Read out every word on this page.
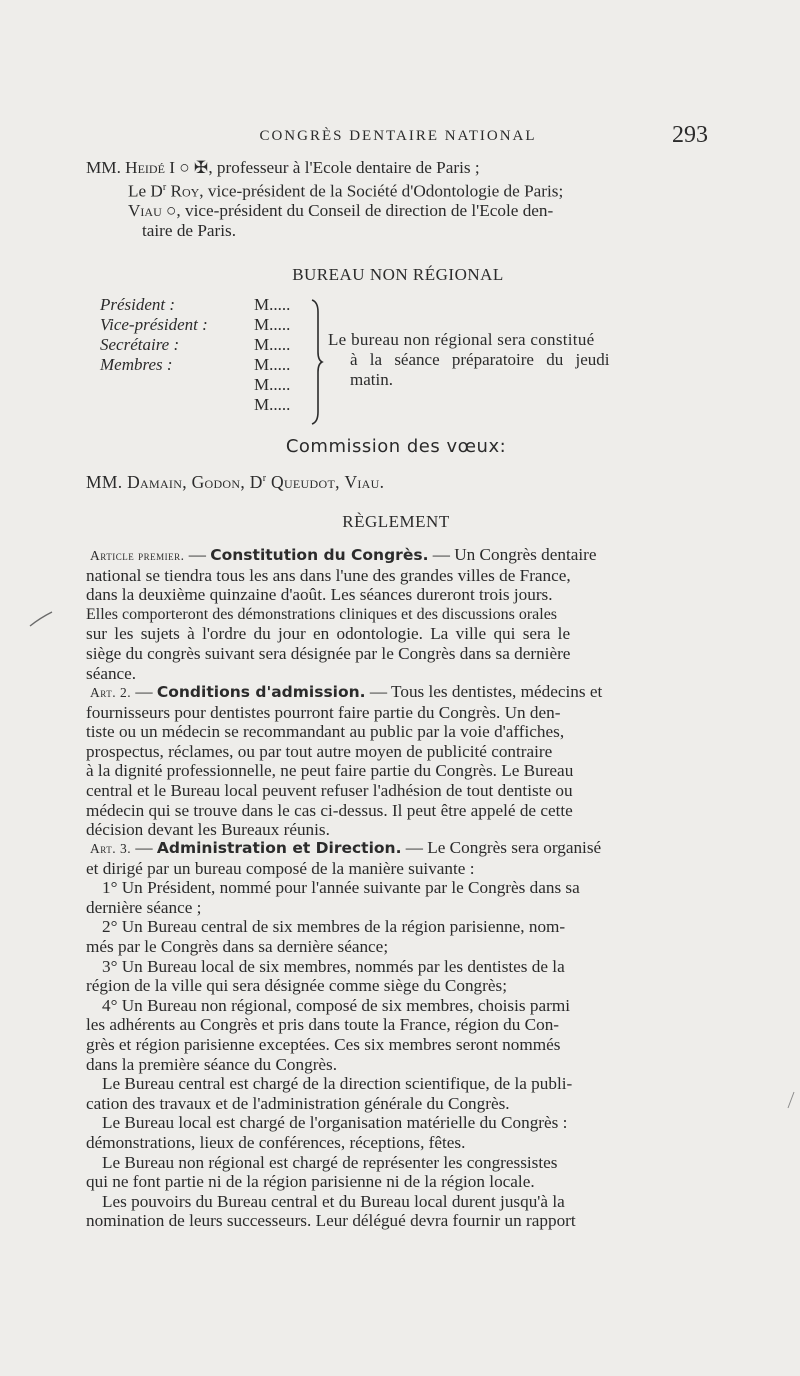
CONGRÈS DENTAIRE NATIONAL	293
MM. Heidé I ○ ✠, professeur à l'Ecole dentaire de Paris ;
Le $D^r$ Roy, vice-président de la Société d'Odontologie de Paris;
Viau ○, vice-président du Conseil de direction de l'Ecole den-
taire de Paris.
BUREAU NON RÉGIONAL
Président :
Vice-président :
Secrétaire :
Membres :
M.....
M.....
M.....
M.....
M.....
M.....
Le bureau non régional sera constitué
à la séance préparatoire du jeudi
matin.
Commission des vœux:
MM. Damain, Godon, $D^r$ Queudot, Viau.
RÈGLEMENT
Article premier. — Constitution du Congrès. — Un Congrès dentaire
national se tiendra tous les ans dans l'une des grandes villes de France,
dans la deuxième quinzaine d'août. Les séances dureront trois jours.
Elles comporteront des démonstrations cliniques et des discussions orales
sur les sujets à l'ordre du jour en odontologie. La ville qui sera le
siège du congrès suivant sera désignée par le Congrès dans sa dernière
séance.
Art. 2. — Conditions d'admission. — Tous les dentistes, médecins et
fournisseurs pour dentistes pourront faire partie du Congrès. Un den-
tiste ou un médecin se recommandant au public par la voie d'affiches,
prospectus, réclames, ou par tout autre moyen de publicité contraire
à la dignité professionnelle, ne peut faire partie du Congrès. Le Bureau
central et le Bureau local peuvent refuser l'adhésion de tout dentiste ou
médecin qui se trouve dans le cas ci-dessus. Il peut être appelé de cette
décision devant les Bureaux réunis.
Art. 3. — Administration et Direction. — Le Congrès sera organisé
et dirigé par un bureau composé de la manière suivante :
1° Un Président, nommé pour l'année suivante par le Congrès dans sa
dernière séance ;
2° Un Bureau central de six membres de la région parisienne, nom-
més par le Congrès dans sa dernière séance;
3° Un Bureau local de six membres, nommés par les dentistes de la
région de la ville qui sera désignée comme siège du Congrès;
4° Un Bureau non régional, composé de six membres, choisis parmi
les adhérents au Congrès et pris dans toute la France, région du Con-
grès et région parisienne exceptées. Ces six membres seront nommés
dans la première séance du Congrès.
Le Bureau central est chargé de la direction scientifique, de la publi-
cation des travaux et de l'administration générale du Congrès.
Le Bureau local est chargé de l'organisation matérielle du Congrès :
démonstrations, lieux de conférences, réceptions, fêtes.
Le Bureau non régional est chargé de représenter les congressistes
qui ne font partie ni de la région parisienne ni de la région locale.
Les pouvoirs du Bureau central et du Bureau local durent jusqu'à la
nomination de leurs successeurs. Leur délégué devra fournir un rapport
